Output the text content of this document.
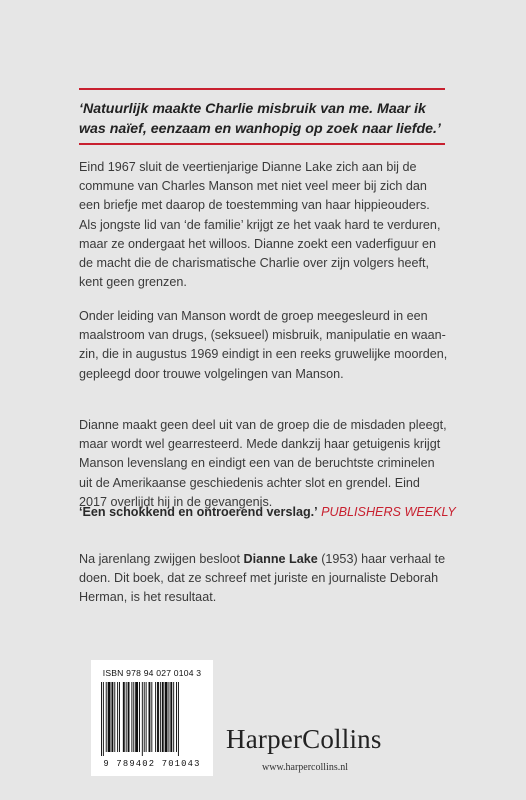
‘Natuurlijk maakte Charlie misbruik van me. Maar ik
was naïef, eenzaam en wanhopig op zoek naar liefde.’

Eind 1967 sluit de veertienjarige Dianne Lake zich aan bij de
commune van Charles Manson met niet veel meer bij zich dan
een briefje met daarop de toestemming van haar hippieouders.
Als jongste lid van ‘de familie’ krijgt ze het vaak hard te verduren,
maar ze ondergaat het willoos. Dianne zoekt een vaderfiguur en
de macht die de charismatische Charlie over zijn volgers heeft,
kent geen grenzen.

Onder leiding van Manson wordt de groep meegesleurd in een
maalstroom van drugs, (seksueel) misbruik, manipulatie en waan-
zin, die in augustus 1969 eindigt in een reeks gruwelijke moorden,
gepleegd door trouwe volgelingen van Manson.

Dianne maakt geen deel uit van de groep die de misdaden pleegt,
maar wordt wel gearresteerd. Mede dankzij haar getuigenis krijgt
Manson levenslang en eindigt een van de beruchtste criminelen
uit de Amerikaanse geschiedenis achter slot en grendel. Eind
2017 overlijdt hij in de gevangenis.

‘Een schokkend en ontroerend verslag.’ PUBLISHERS WEEKLY

Na jarenlang zwijgen besloot Dianne Lake (1953) haar verhaal te
doen. Dit boek, dat ze schreef met juriste en journaliste Deborah
Herman, is het resultaat.

ISBN 978 94 027 0104 3
9 789402 701043
HarperCollins
www.harpercollins.nl
